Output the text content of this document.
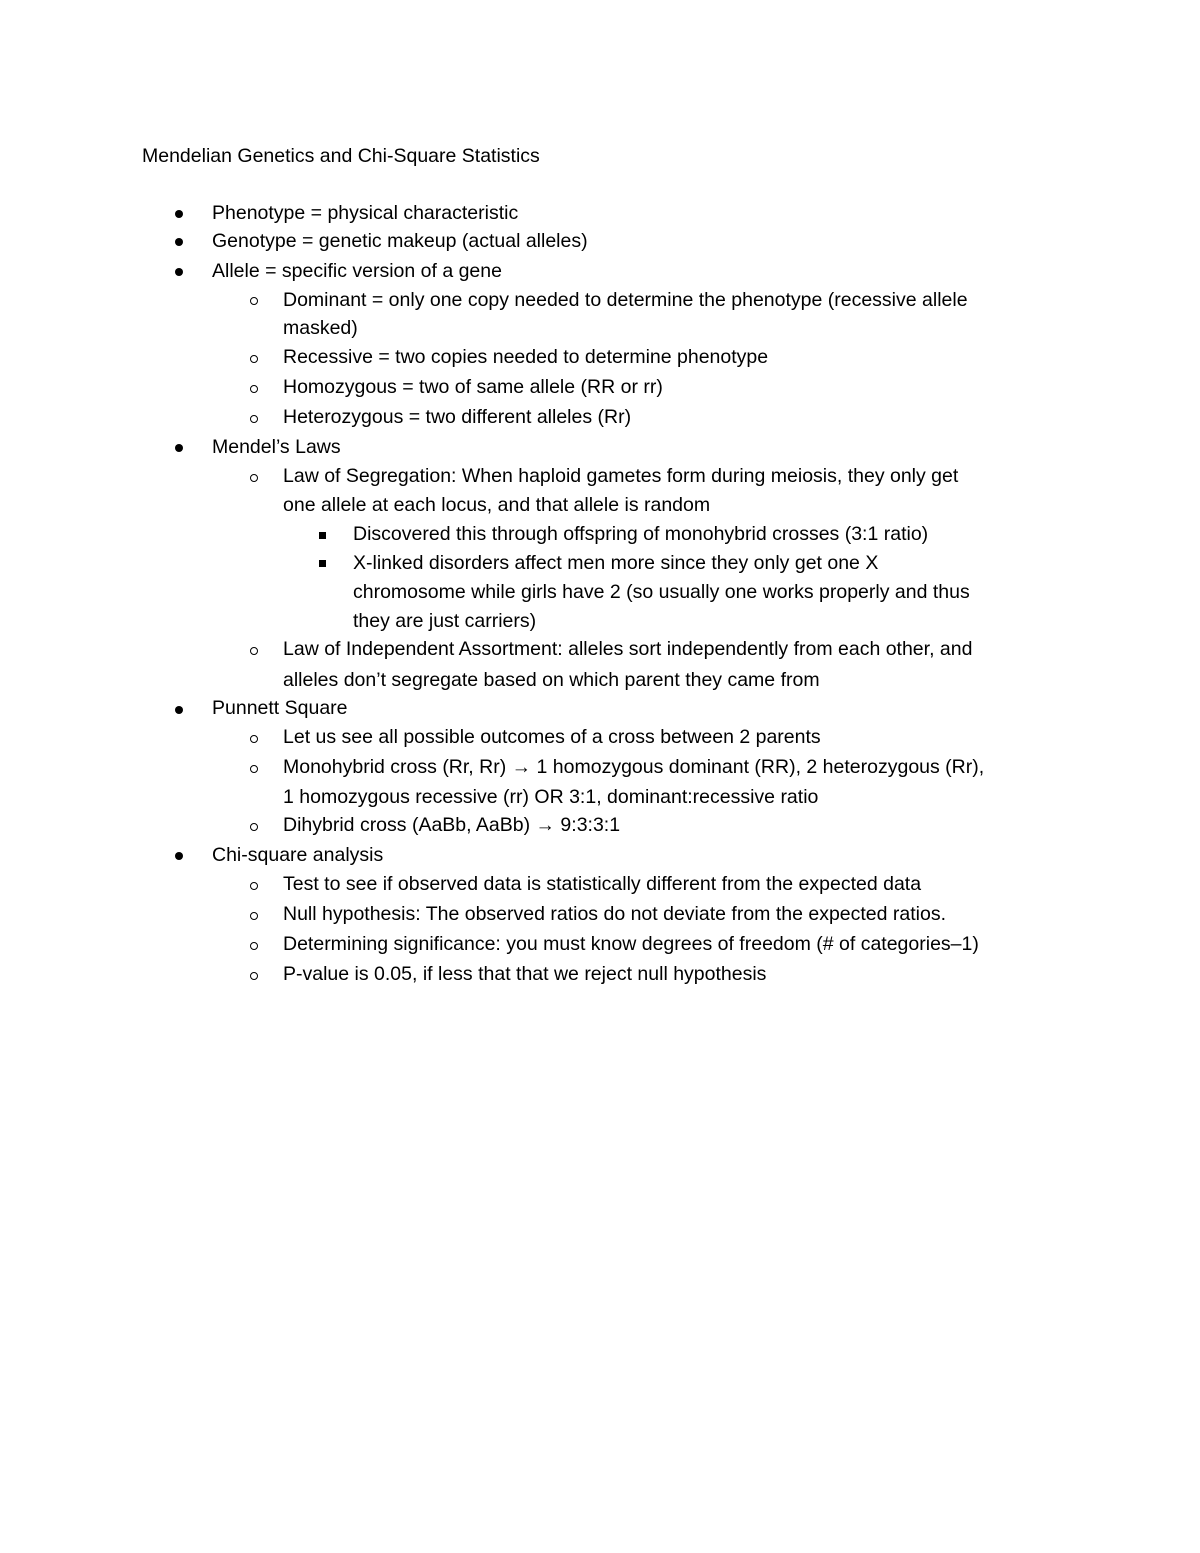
Mendelian Genetics and Chi-Square Statistics
Phenotype = physical characteristic
Genotype = genetic makeup (actual alleles)
Allele = specific version of a gene
Dominant = only one copy needed to determine the phenotype (recessive allele
masked)
Recessive = two copies needed to determine phenotype
Homozygous = two of same allele (RR or rr)
Heterozygous = two different alleles (Rr)
Mendel’s Laws
Law of Segregation: When haploid gametes form during meiosis, they only get
one allele at each locus, and that allele is random
Discovered this through offspring of monohybrid crosses (3:1 ratio)
X-linked disorders affect men more since they only get one X
chromosome while girls have 2 (so usually one works properly and thus
they are just carriers)
Law of Independent Assortment: alleles sort independently from each other, and
alleles don’t segregate based on which parent they came from
Punnett Square
Let us see all possible outcomes of a cross between 2 parents
Monohybrid cross (Rr, Rr) → 1 homozygous dominant (RR), 2 heterozygous (Rr),
1 homozygous recessive (rr) OR 3:1, dominant:recessive ratio
Dihybrid cross (AaBb, AaBb) → 9:3:3:1
Chi-square analysis
Test to see if observed data is statistically different from the expected data
Null hypothesis: The observed ratios do not deviate from the expected ratios.
Determining significance: you must know degrees of freedom (# of categories–1)
P-value is 0.05, if less that that we reject null hypothesis
